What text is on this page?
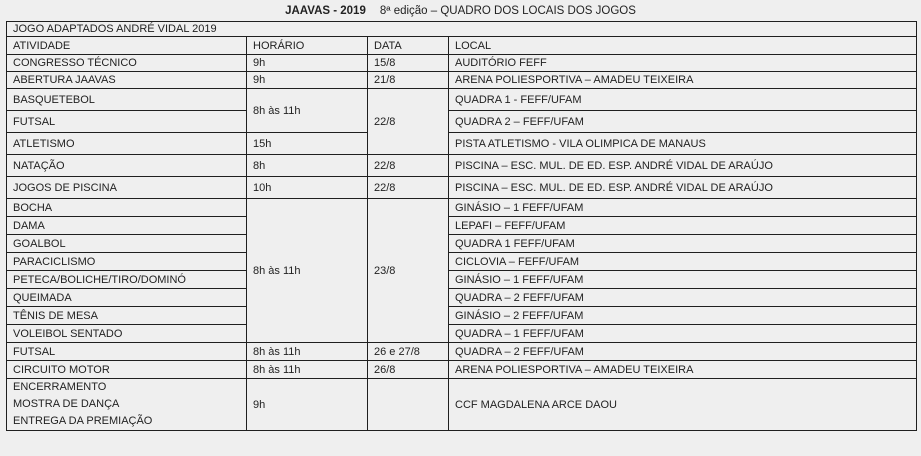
JAAVAS - 2019 8ª edição – QUADRO DOS LOCAIS DOS JOGOS
JOGO ADAPTADOS ANDRÉ VIDAL 2019			
ATIVIDADE	HORÁRIO	DATA	LOCAL
CONGRESSO TÉCNICO	9h	15/8	AUDITÓRIO FEFF
ABERTURA JAAVAS	9h	21/8	ARENA POLIESPORTIVA – AMADEU TEIXEIRA
BASQUETEBOL	8h às 11h	22/8	QUADRA 1 - FEFF/UFAM
FUTSAL			QUADRA 2 – FEFF/UFAM
ATLETISMO	15h		PISTA ATLETISMO - VILA OLIMPICA DE MANAUS
NATAÇÃO	8h	22/8	PISCINA – ESC. MUL. DE ED. ESP. ANDRÉ VIDAL DE ARAÚJO
JOGOS DE PISCINA	10h	22/8	PISCINA – ESC. MUL. DE ED. ESP. ANDRÉ VIDAL DE ARAÚJO
BOCHA	8h às 11h	23/8	GINÁSIO – 1 FEFF/UFAM
DAMA			LEPAFI – FEFF/UFAM
GOALBOL			QUADRA 1 FEFF/UFAM
PARACICLISMO			CICLOVIA – FEFF/UFAM
PETECA/BOLICHE/TIRO/DOMINÓ			GINÁSIO – 1 FEFF/UFAM
QUEIMADA			QUADRA – 2 FEFF/UFAM
TÊNIS DE MESA			GINÁSIO – 2 FEFF/UFAM
VOLEIBOL SENTADO			QUADRA – 1 FEFF/UFAM
FUTSAL	8h às 11h	26 e 27/8	QUADRA – 2 FEFF/UFAM
CIRCUITO MOTOR	8h às 11h	26/8	ARENA POLIESPORTIVA – AMADEU TEIXEIRA

ENCERRAMENTO
MOSTRA DE DANÇA
ENTREGA DA PREMIAÇÃO	9h		CCF MAGDALENA ARCE DAOU
